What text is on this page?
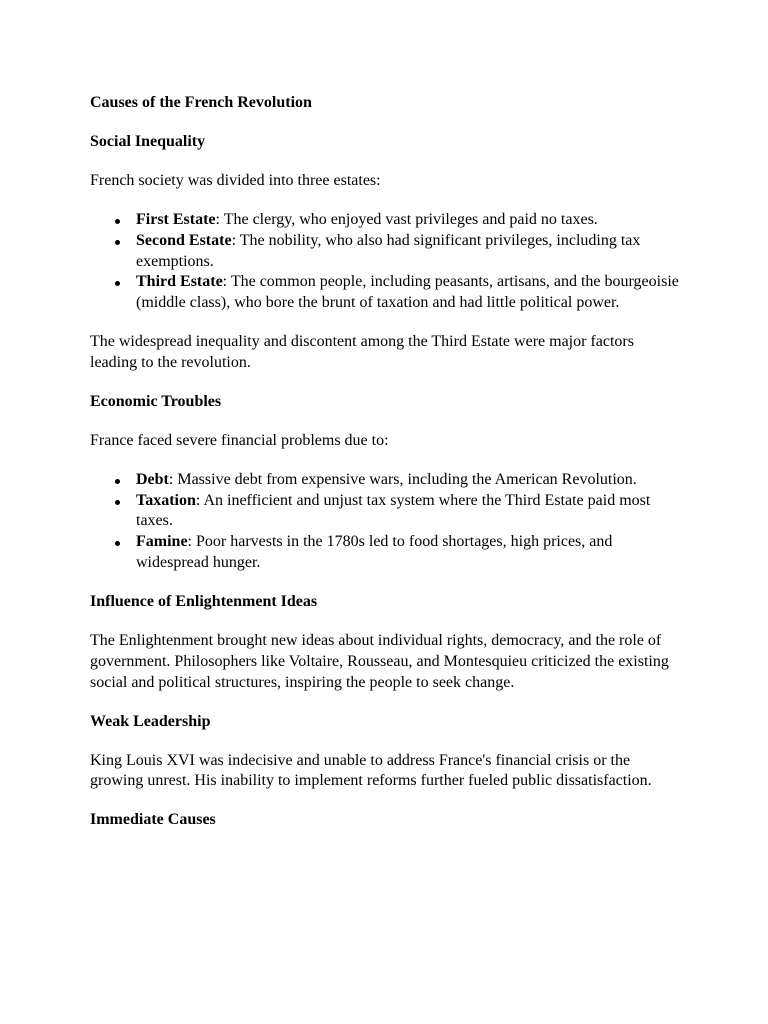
Causes of the French Revolution
Social Inequality

French society was divided into three estates:

First Estate: The clergy, who enjoyed vast privileges and paid no taxes.
Second Estate: The nobility, who also had significant privileges, including tax exemptions.
Third Estate: The common people, including peasants, artisans, and the bourgeoisie (middle class), who bore the brunt of taxation and had little political power.

The widespread inequality and discontent among the Third Estate were major factors leading to the revolution.

Economic Troubles

France faced severe financial problems due to:

Debt: Massive debt from expensive wars, including the American Revolution.
Taxation: An inefficient and unjust tax system where the Third Estate paid most taxes.
Famine: Poor harvests in the 1780s led to food shortages, high prices, and widespread hunger.
Influence of Enlightenment Ideas

The Enlightenment brought new ideas about individual rights, democracy, and the role of government. Philosophers like Voltaire, Rousseau, and Montesquieu criticized the existing social and political structures, inspiring the people to seek change.

Weak Leadership

King Louis XVI was indecisive and unable to address France's financial crisis or the growing unrest. His inability to implement reforms further fueled public dissatisfaction.

Immediate Causes
